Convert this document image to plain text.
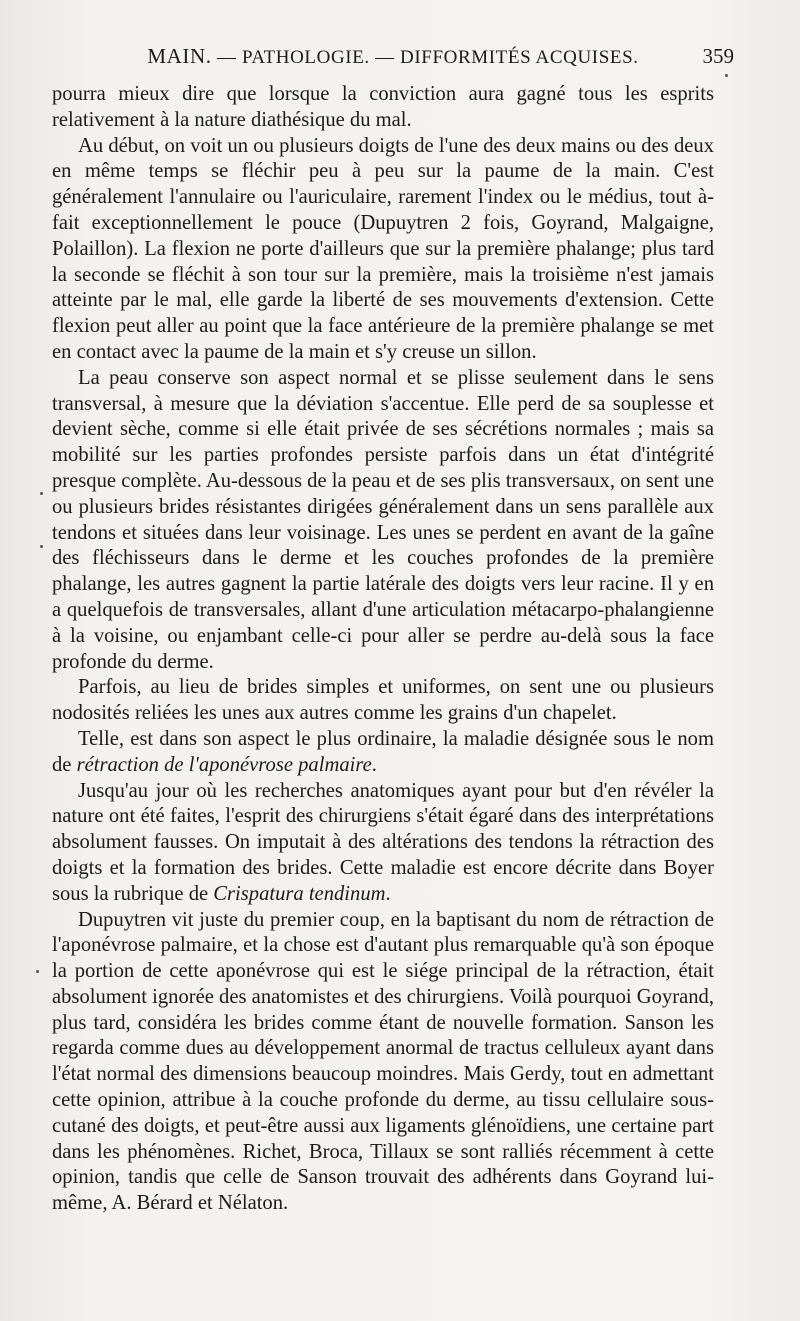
MAIN. — PATHOLOGIE. — DIFFORMITÉS ACQUISES.	359

pourra mieux dire que lorsque la conviction aura gagné tous les esprits relativement à la nature diathésique du mal.

Au début, on voit un ou plusieurs doigts de l'une des deux mains ou des deux en même temps se fléchir peu à peu sur la paume de la main. C'est généralement l'annulaire ou l'auriculaire, rarement l'index ou le médius, tout à-fait exceptionnellement le pouce (Dupuytren 2 fois, Goyrand, Malgaigne, Polaillon). La flexion ne porte d'ailleurs que sur la première phalange; plus tard la seconde se fléchit à son tour sur la première, mais la troisième n'est jamais atteinte par le mal, elle garde la liberté de ses mouvements d'extension. Cette flexion peut aller au point que la face antérieure de la première phalange se met en contact avec la paume de la main et s'y creuse un sillon.

La peau conserve son aspect normal et se plisse seulement dans le sens transversal, à mesure que la déviation s'accentue. Elle perd de sa souplesse et devient sèche, comme si elle était privée de ses sécrétions normales ; mais sa mobilité sur les parties profondes persiste parfois dans un état d'intégrité presque complète. Au-dessous de la peau et de ses plis transversaux, on sent une ou plusieurs brides résistantes dirigées généralement dans un sens parallèle aux tendons et situées dans leur voisinage. Les unes se perdent en avant de la gaîne des fléchisseurs dans le derme et les couches profondes de la première phalange, les autres gagnent la partie latérale des doigts vers leur racine. Il y en a quelquefois de transversales, allant d'une articulation métacarpo-phalangienne à la voisine, ou enjambant celle-ci pour aller se perdre au-delà sous la face profonde du derme.

Parfois, au lieu de brides simples et uniformes, on sent une ou plusieurs nodosités reliées les unes aux autres comme les grains d'un chapelet.

Telle, est dans son aspect le plus ordinaire, la maladie désignée sous le nom de rétraction de l'aponévrose palmaire.

Jusqu'au jour où les recherches anatomiques ayant pour but d'en révéler la nature ont été faites, l'esprit des chirurgiens s'était égaré dans des interprétations absolument fausses. On imputait à des altérations des tendons la rétraction des doigts et la formation des brides. Cette maladie est encore décrite dans Boyer sous la rubrique de Crispatura tendinum.

Dupuytren vit juste du premier coup, en la baptisant du nom de rétraction de l'aponévrose palmaire, et la chose est d'autant plus remarquable qu'à son époque la portion de cette aponévrose qui est le siége principal de la rétraction, était absolument ignorée des anatomistes et des chirurgiens. Voilà pourquoi Goyrand, plus tard, considéra les brides comme étant de nouvelle formation. Sanson les regarda comme dues au développement anormal de tractus celluleux ayant dans l'état normal des dimensions beaucoup moindres. Mais Gerdy, tout en admettant cette opinion, attribue à la couche profonde du derme, au tissu cellulaire sous-cutané des doigts, et peut-être aussi aux ligaments glénoïdiens, une certaine part dans les phénomènes. Richet, Broca, Tillaux se sont ralliés récemment à cette opinion, tandis que celle de Sanson trouvait des adhérents dans Goyrand lui-même, A. Bérard et Nélaton.
